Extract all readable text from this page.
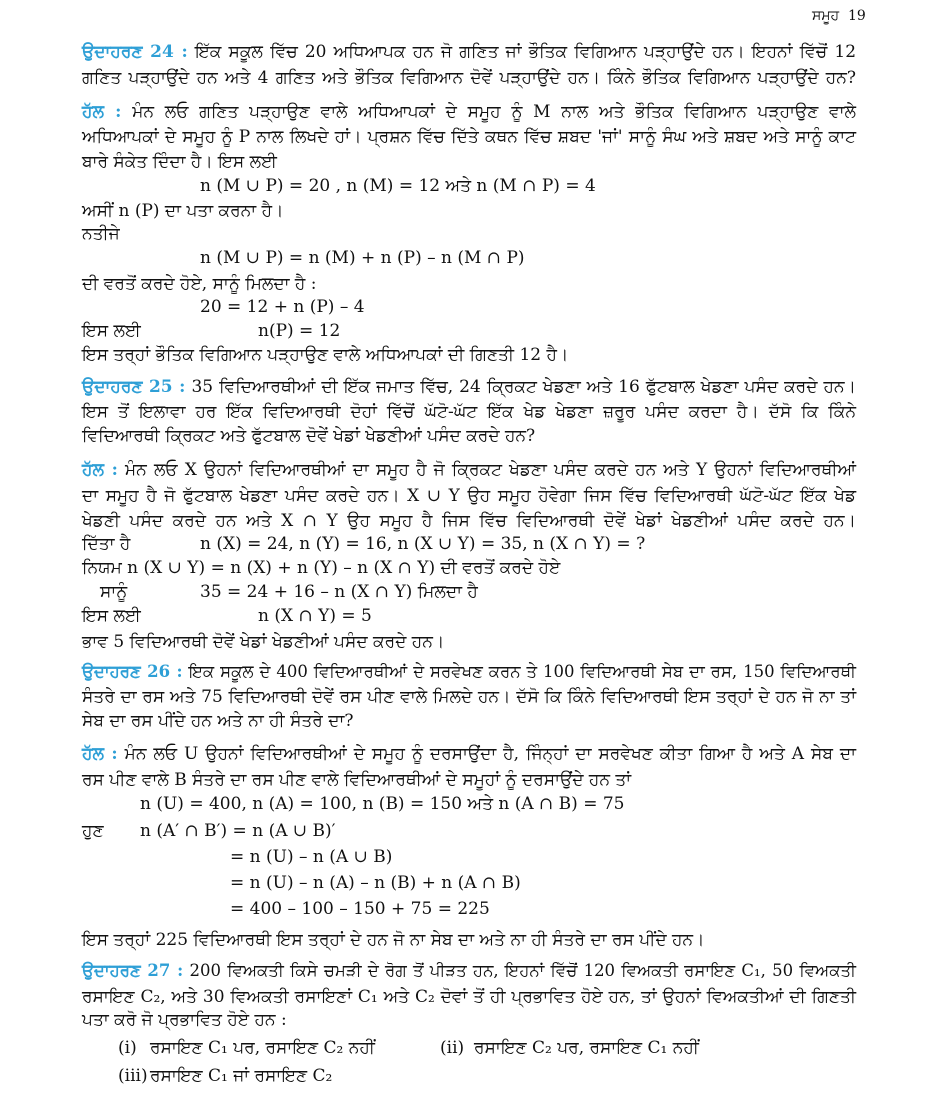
ਸਮੂਹ 19
ਉਦਾਹਰਣ 24 : ਇੱਕ ਸਕੂਲ ਵਿੱਚ 20 ਅਧਿਆਪਕ ਹਨ ਜੋ ਗਣਿਤ ਜਾਂ ਭੌਤਿਕ ਵਿਗਿਆਨ ਪੜ੍ਹਾਉਂਦੇ ਹਨ। ਇਹਨਾਂ ਵਿੱਚੋਂ 12
ਗਣਿਤ ਪੜ੍ਹਾਉਂਦੇ ਹਨ ਅਤੇ 4 ਗਣਿਤ ਅਤੇ ਭੌਤਿਕ ਵਿਗਿਆਨ ਦੋਵੇਂ ਪੜ੍ਹਾਉਂਦੇ ਹਨ। ਕਿੰਨੇ ਭੌਤਿਕ ਵਿਗਿਆਨ ਪੜ੍ਹਾਉਂਦੇ ਹਨ?
ਹੱਲ : ਮੰਨ ਲਓ ਗਣਿਤ ਪੜ੍ਹਾਉਣ ਵਾਲੇ ਅਧਿਆਪਕਾਂ ਦੇ ਸਮੂਹ ਨੂੰ M ਨਾਲ ਅਤੇ ਭੌਤਿਕ ਵਿਗਿਆਨ ਪੜ੍ਹਾਉਣ ਵਾਲੇ
ਅਧਿਆਪਕਾਂ ਦੇ ਸਮੂਹ ਨੂੰ P ਨਾਲ ਲਿਖਦੇ ਹਾਂ। ਪ੍ਰਸ਼ਨ ਵਿੱਚ ਦਿੱਤੇ ਕਥਨ ਵਿੱਚ ਸ਼ਬਦ 'ਜਾਂ' ਸਾਨੂੰ ਸੰਘ ਅਤੇ ਸ਼ਬਦ ਅਤੇ ਸਾਨੂੰ ਕਾਟ
ਬਾਰੇ ਸੰਕੇਤ ਦਿੰਦਾ ਹੈ। ਇਸ ਲਈ
n (M ∪ P) = 20 , n (M) = 12 ਅਤੇ n (M ∩ P) = 4
ਅਸੀਂ n (P) ਦਾ ਪਤਾ ਕਰਨਾ ਹੈ।
ਨਤੀਜੇ
n (M ∪ P) = n (M) + n (P) – n (M ∩ P)
ਦੀ ਵਰਤੋਂ ਕਰਦੇ ਹੋਏ, ਸਾਨੂੰ ਮਿਲਦਾ ਹੈ :
20 = 12 + n (P) – 4
ਇਸ ਲਈ	n(P) = 12
ਇਸ ਤਰ੍ਹਾਂ ਭੌਤਿਕ ਵਿਗਿਆਨ ਪੜ੍ਹਾਉਣ ਵਾਲੇ ਅਧਿਆਪਕਾਂ ਦੀ ਗਿਣਤੀ 12 ਹੈ।
ਉਦਾਹਰਣ 25 : 35 ਵਿਦਿਆਰਥੀਆਂ ਦੀ ਇੱਕ ਜਮਾਤ ਵਿੱਚ, 24 ਕ੍ਰਿਕਟ ਖੇਡਣਾ ਅਤੇ 16 ਫੁੱਟਬਾਲ ਖੇਡਣਾ ਪਸੰਦ ਕਰਦੇ ਹਨ।
ਇਸ ਤੋਂ ਇਲਾਵਾ ਹਰ ਇੱਕ ਵਿਦਿਆਰਥੀ ਦੋਹਾਂ ਵਿੱਚੋਂ ਘੱਟੋ-ਘੱਟ ਇੱਕ ਖੇਡ ਖੇਡਣਾ ਜ਼ਰੂਰ ਪਸੰਦ ਕਰਦਾ ਹੈ। ਦੱਸੋ ਕਿ ਕਿੰਨੇ
ਵਿਦਿਆਰਥੀ ਕ੍ਰਿਕਟ ਅਤੇ ਫੁੱਟਬਾਲ ਦੋਵੇਂ ਖੇਡਾਂ ਖੇਡਣੀਆਂ ਪਸੰਦ ਕਰਦੇ ਹਨ?
ਹੱਲ : ਮੰਨ ਲਓ X ਉਹਨਾਂ ਵਿਦਿਆਰਥੀਆਂ ਦਾ ਸਮੂਹ ਹੈ ਜੋ ਕ੍ਰਿਕਟ ਖੇਡਣਾ ਪਸੰਦ ਕਰਦੇ ਹਨ ਅਤੇ Y ਉਹਨਾਂ ਵਿਦਿਆਰਥੀਆਂ
ਦਾ ਸਮੂਹ ਹੈ ਜੋ ਫੁੱਟਬਾਲ ਖੇਡਣਾ ਪਸੰਦ ਕਰਦੇ ਹਨ। X ∪ Y ਉਹ ਸਮੂਹ ਹੋਵੇਗਾ ਜਿਸ ਵਿੱਚ ਵਿਦਿਆਰਥੀ ਘੱਟੋ-ਘੱਟ ਇੱਕ ਖੇਡ
ਖੇਡਣੀ ਪਸੰਦ ਕਰਦੇ ਹਨ ਅਤੇ X ∩ Y ਉਹ ਸਮੂਹ ਹੈ ਜਿਸ ਵਿੱਚ ਵਿਦਿਆਰਥੀ ਦੋਵੇਂ ਖੇਡਾਂ ਖੇਡਣੀਆਂ ਪਸੰਦ ਕਰਦੇ ਹਨ।
ਦਿੱਤਾ ਹੈ	n (X) = 24, n (Y) = 16, n (X ∪ Y) = 35, n (X ∩ Y) = ?
ਨਿਯਮ n (X ∪ Y) = n (X) + n (Y) – n (X ∩ Y) ਦੀ ਵਰਤੋਂ ਕਰਦੇ ਹੋਏ
ਸਾਨੂੰ	35 = 24 + 16 – n (X ∩ Y) ਮਿਲਦਾ ਹੈ
ਇਸ ਲਈ	n (X ∩ Y) = 5
ਭਾਵ 5 ਵਿਦਿਆਰਥੀ ਦੋਵੇਂ ਖੇਡਾਂ ਖੇਡਣੀਆਂ ਪਸੰਦ ਕਰਦੇ ਹਨ।
ਉਦਾਹਰਣ 26 : ਇਕ ਸਕੂਲ ਦੇ 400 ਵਿਦਿਆਰਥੀਆਂ ਦੇ ਸਰਵੇਖਣ ਕਰਨ ਤੇ 100 ਵਿਦਿਆਰਥੀ ਸੇਬ ਦਾ ਰਸ, 150 ਵਿਦਿਆਰਥੀ
ਸੰਤਰੇ ਦਾ ਰਸ ਅਤੇ 75 ਵਿਦਿਆਰਥੀ ਦੋਵੇਂ ਰਸ ਪੀਣ ਵਾਲੇ ਮਿਲਦੇ ਹਨ। ਦੱਸੋ ਕਿ ਕਿੰਨੇ ਵਿਦਿਆਰਥੀ ਇਸ ਤਰ੍ਹਾਂ ਦੇ ਹਨ ਜੋ ਨਾ ਤਾਂ
ਸੇਬ ਦਾ ਰਸ ਪੀਂਦੇ ਹਨ ਅਤੇ ਨਾ ਹੀ ਸੰਤਰੇ ਦਾ?
ਹੱਲ : ਮੰਨ ਲਓ U ਉਹਨਾਂ ਵਿਦਿਆਰਥੀਆਂ ਦੇ ਸਮੂਹ ਨੂੰ ਦਰਸਾਉਂਦਾ ਹੈ, ਜਿੰਨ੍ਹਾਂ ਦਾ ਸਰਵੇਖਣ ਕੀਤਾ ਗਿਆ ਹੈ ਅਤੇ A ਸੇਬ ਦਾ
ਰਸ ਪੀਣ ਵਾਲੇ B ਸੰਤਰੇ ਦਾ ਰਸ ਪੀਣ ਵਾਲੇ ਵਿਦਿਆਰਥੀਆਂ ਦੇ ਸਮੂਹਾਂ ਨੂੰ ਦਰਸਾਉਂਦੇ ਹਨ ਤਾਂ
n (U) = 400, n (A) = 100, n (B) = 150 ਅਤੇ n (A ∩ B) = 75
ਹੁਣ n (A′ ∩ B′) = n (A ∪ B)′
= n (U) – n (A ∪ B)
= n (U) – n (A) – n (B) + n (A ∩ B)
= 400 – 100 – 150 + 75 = 225
ਇਸ ਤਰ੍ਹਾਂ 225 ਵਿਦਿਆਰਥੀ ਇਸ ਤਰ੍ਹਾਂ ਦੇ ਹਨ ਜੋ ਨਾ ਸੇਬ ਦਾ ਅਤੇ ਨਾ ਹੀ ਸੰਤਰੇ ਦਾ ਰਸ ਪੀਂਦੇ ਹਨ।
ਉਦਾਹਰਣ 27 : 200 ਵਿਅਕਤੀ ਕਿਸੇ ਚਮੜੀ ਦੇ ਰੋਗ ਤੋਂ ਪੀੜਤ ਹਨ, ਇਹਨਾਂ ਵਿੱਚੋਂ 120 ਵਿਅਕਤੀ ਰਸਾਇਣ C₁, 50 ਵਿਅਕਤੀ
ਰਸਾਇਣ C₂, ਅਤੇ 30 ਵਿਅਕਤੀ ਰਸਾਇਣਾਂ C₁ ਅਤੇ C₂ ਦੋਵਾਂ ਤੋਂ ਹੀ ਪ੍ਰਭਾਵਿਤ ਹੋਏ ਹਨ, ਤਾਂ ਉਹਨਾਂ ਵਿਅਕਤੀਆਂ ਦੀ ਗਿਣਤੀ
ਪਤਾ ਕਰੋ ਜੋ ਪ੍ਰਭਾਵਿਤ ਹੋਏ ਹਨ :
(i) ਰਸਾਇਣ C₁ ਪਰ, ਰਸਾਇਣ C₂ ਨਹੀਂ	(ii) ਰਸਾਇਣ C₂ ਪਰ, ਰਸਾਇਣ C₁ ਨਹੀਂ
(iii) ਰਸਾਇਣ C₁ ਜਾਂ ਰਸਾਇਣ C₂
